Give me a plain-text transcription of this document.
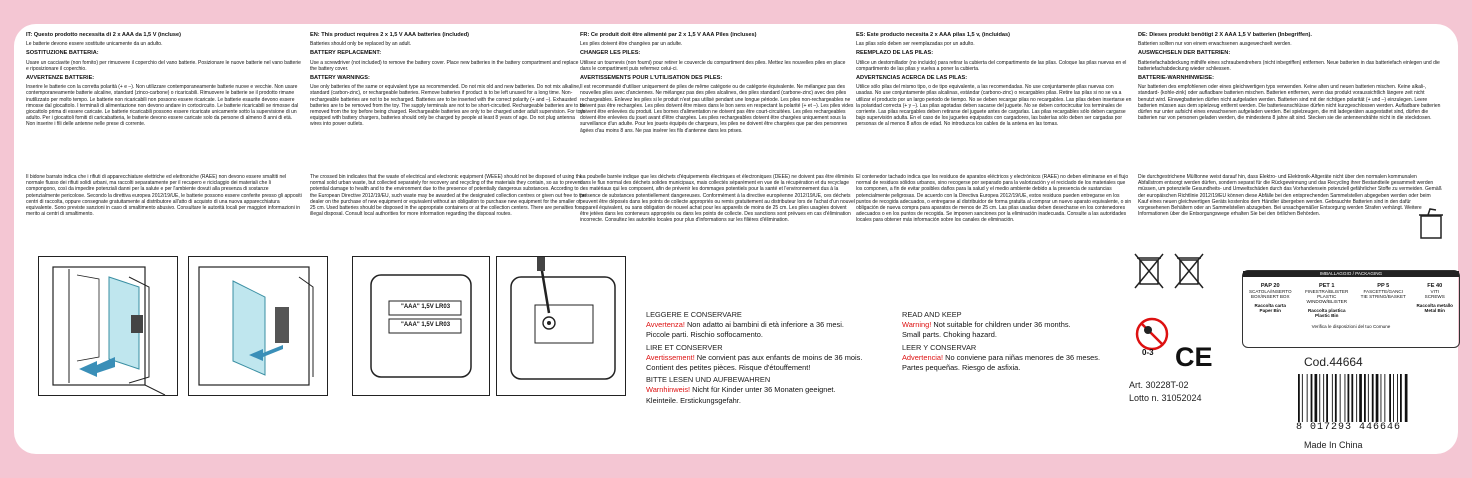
IT: Questo prodotto necessita di 2 x AAA da 1,5 V (incluse)

Le batterie devono essere sostituite unicamente da un adulto.

SOSTITUZIONE BATTERIA:

Usare un cacciavite (non fornito) per rimuovere il coperchio del vano batterie. Posizionare le nuove batterie nel vano batterie e riposizionare il coperchio.

AVVERTENZE BATTERIE:

Inserire le batterie con la corretta polarità (+ e –). Non utilizzare contemporaneamente batterie nuove e vecchie. Non usare contemporaneamente batterie alcaline, standard (zinco-carbone) o ricaricabili. Rimuovere le batterie se il prodotto rimane inutilizzato per molto tempo. Le batterie non ricaricabili non possono essere ricaricate. Le batterie esaurite devono essere rimosse dal giocattolo. I terminali di alimentazione non devono andare in cortocircuito. Le batterie ricaricabili se rimosse dal giocattolo prima di essere caricate. Le batterie ricaricabili possono essere ricaricate unicamente sotto la supervisione di un adulto. Per i giocattoli forniti di caricabatteria, le batterie devono essere caricate solo da persone di almeno 8 anni di età. Non inserire i fili delle antenne nelle prese di corrente.

Il bidone barrato indica che i rifiuti di apparecchiature elettriche ed elettroniche (RAEE) non devono essere smaltiti nel normale flusso dei rifiuti solidi urbani, ma raccolti separatamente per il recupero e riciclaggio dei materiali che li compongono, così da impedire potenziali danni per la salute e per l'ambiente dovuti alla presenza di sostanze potenzialmente pericolose. Secondo la direttiva europea 2012/19/UE, le batterie possono essere conferite presso gli appositi centri di raccolta, oppure consegnate gratuitamente al distributore all'atto di acquisto di una nuova apparecchiatura equivalente. Sono previste sanzioni in caso di smaltimento abusivo. Consultare le autorità locali per maggiori informazioni in merito ai centri di smaltimento.

EN: This product requires 2 x 1,5 V AAA batteries (included)

Batteries should only be replaced by an adult.

BATTERY REPLACEMENT:

Use a screwdriver (not included) to remove the battery cover. Place new batteries in the battery compartment and replace the battery cover.

BATTERY WARNINGS:

Use only batteries of the same or equivalent type as recommended. Do not mix old and new batteries. Do not mix alkaline, standard (carbon-zinc), or rechargeable batteries. Remove batteries if product is to be left unused for a long time. Non-rechargeable batteries are not to be recharged. Batteries are to be inserted with the correct polarity (+ and –). Exhausted batteries are to be removed from the toy. The supply terminals are not to be short-circuited. Rechargeable batteries are to be removed from the toy before being charged. Rechargeable batteries are only to be charged under adult supervision. For toys equipped with battery chargers, batteries should only be charged by people at least 8 years of age. Do not plug antenna wires into power outlets.

The crossed bin indicates that the waste of electrical and electronic equipment (WEEE) should not be disposed of using the normal solid urban waste, but collected separately for recovery and recycling of the materials they contain, so as to prevent potential damage to health and to the environment due to the presence of potentially dangerous substances. According to the European Directive 2012/19/EU, such waste may be awarded at the designated collection centres or given out free to the dealer on the purchase of new equipment or equivalent without an obligation to purchase new equipment for the smaller of 25 cm. Used batteries should be disposed in the appropriate containers or at the collection centers. There are penalties for illegal disposal. Consult local authorities for more information regarding the disposal routes.

FR: Ce produit doit être alimenté par 2 x 1,5 V AAA Piles (incluses)

Les piles doivent être changées par un adulte.

CHANGER LES PILES:

Utilisez un tournevis (non fourni) pour retirer le couvercle du compartiment des piles. Mettez les nouvelles piles en place dans le compartiment puis refermez celui-ci.

AVERTISSEMENTS POUR L'UTILISATION DES PILES:

Il est recommandé d'utiliser uniquement de piles de même catégorie ou de catégorie équivalente. Ne mélangez pas des nouvelles piles avec d'anciennes. Ne mélangez pas des piles alcalines, des piles standard (carbone-zinc) avec des piles rechargeables. Enlevez les piles si le produit n'est pas utilisé pendant une longue période. Les piles non-rechargeables ne doivent pas être rechargées. Les piles doivent être mises dans le bon sens en respectant la polarité (+ et –). Les piles vides doivent être enlevées du produit. Les bornes d'alimentation ne doivent pas être court-circuitées. Les piles rechargeables doivent être enlevées du jouet avant d'être chargées. Les piles rechargeables doivent être chargées uniquement sous la surveillance d'un adulte. Pour les jouets équipés de chargeurs, les piles ne doivent être chargées que par des personnes âgées d'au moins 8 ans. Ne pas insérer les fils d'antenne dans les prises.

La poubelle barrée indique que les déchets d'équipements électriques et électroniques (DEEE) ne doivent pas être éliminés dans le flux normal des déchets solides municipaux, mais collectés séparément en vue de la récupération et du recyclage des matériaux qui les composent, afin de prévenir les dommages potentiels pour la santé et l'environnement dus à la présence de substances potentiellement dangereuses. Conformément à la directive européenne 2012/19/UE, ces déchets peuvent être déposés dans les points de collecte appropriés ou remis gratuitement au distributeur lors de l'achat d'un nouvel appareil équivalent, ou sans obligation de nouvel achat pour les appareils de moins de 25 cm. Les piles usagées doivent être jetées dans les conteneurs appropriés ou dans les points de collecte. Des sanctions sont prévues en cas d'élimination incorrecte. Consultez les autorités locales pour plus d'informations sur les filières d'élimination.

ES: Este producto necesita 2 x AAA pilas 1,5 v, (incluidas)

Las pilas solo deben ser reemplazadas por un adulto.

REEMPLAZO DE LAS PILAS:

Utilice un destornillador (no incluido) para retirar la cubierta del compartimento de las pilas. Coloque las pilas nuevas en el compartimento de las pilas y vuelva a poner la cubierta.

ADVERTENCIAS ACERCA DE LAS PILAS:

Utilice sólo pilas del mismo tipo, o de tipo equivalente, a las recomendadas. No use conjuntamente pilas nuevas con usadas. No use conjuntamente pilas alcalinas, estándar (carbono-zinc) o recargables pilas. Retire las pilas si no se va a utilizar el producto por un largo periodo de tiempo. No se deben recargar pilas no recargables. Las pilas deben insertarse en la polaridad correcta (+ y –). Las pilas agotadas deben sacarse del juguete. No se deben cortocircuitar los terminales de corriente. Las pilas recargables deben retirarse del juguete antes de cargarlas. Las pilas recargables sólo deben cargarse bajo supervisión adulta. En el caso de los juguetes equipados con cargadores, las baterías sólo deben ser cargadas por personas de al menos 8 años de edad. No introduzca los cables de la antena en las tomas.

El contenedor tachado indica que los residuos de aparatos eléctricos y electrónicos (RAEE) no deben eliminarse en el flujo normal de residuos sólidos urbanos, sino recogerse por separado para la valorización y el reciclado de los materiales que los componen, a fin de evitar posibles daños para la salud y el medio ambiente debido a la presencia de sustancias potencialmente peligrosas. De acuerdo con la Directiva Europea 2012/19/UE, estos residuos pueden entregarse en los puntos de recogida adecuados, o entregarse al distribuidor de forma gratuita al comprar un nuevo aparato equivalente, o sin obligación de nueva compra para aparatos de menos de 25 cm. Las pilas usadas deben desecharse en los contenedores adecuados o en los puntos de recogida. Se imponen sanciones por la eliminación inadecuada. Consulte a las autoridades locales para obtener más información sobre los canales de eliminación.

DE: Dieses produkt benötigt 2 X AAA 1,5 V batterien (Inbegriffen).

Batterien sollten nur von einem erwachsenen ausgewechselt werden.

AUSWECHSELN DER BATTERIEN:

Batteriefachabdeckung mithilfe eines schraubendrehers (nicht inbegriffen) entfernen. Neue batterien in das batteriefach einlegen und die batteriefachabdeckung wieder schliessen.

BATTERIE-WARNHINWEISE:

Nur batterien des empfohlenen oder eines gleichwertigen typs verwenden. Keine alten und neuen batterien mischen. Keine alkali-, standard- (kohle-zink) oder aufladbare batterien mischen. Batterien entfernen, wenn das produkt voraussichtlich längere zeit nicht benutzt wird. Einwegbatterien dürfen nicht aufgeladen werden. Batterien sind mit der richtigen polarität (+ und –) einzulegen. Leere batterien müssen aus dem spielzeug entfernt werden. Die batterieanschlüsse dürfen nicht kurzgeschlossen werden. Aufladbare batterien dürfen nur unter aufsicht eines erwachsenen aufgeladen werden. Bei spielzeugen, die mit ladegeräten ausgestattet sind, dürfen die batterien nur von personen geladen werden, die mindestens 8 jahre alt sind. Stecken sie die antennendrähte nicht in die steckdosen.

Die durchgestrichene Mülltonne weist darauf hin, dass Elektro- und Elektronik-Altgeräte nicht über den normalen kommunalen Abfallstrom entsorgt werden dürfen, sondern separat für die Rückgewinnung und das Recycling ihrer Bestandteile gesammelt werden müssen, um potenzielle Gesundheits- und Umweltschäden durch das Vorhandensein potenziell gefährlicher Stoffe zu vermeiden. Gemäß der europäischen Richtlinie 2012/19/EU können diese Abfälle bei den entsprechenden Sammelstellen abgegeben werden oder beim Kauf eines neuen gleichwertigen Geräts kostenlos dem Händler übergeben werden. Gebrauchte Batterien sind in den dafür vorgesehenen Behältern oder an Sammelstellen abzugeben. Bei unsachgemäßer Entsorgung werden Strafen verhängt. Weitere Informationen über die Entsorgungswege erhalten Sie bei den örtlichen Behörden.

"AAA" 1,5V LR03
"AAA" 1,5V LR03
LEGGERE E CONSERVARE
Avvertenza! Non adatto ai bambini di età inferiore a 36 mesi.
Piccole parti. Rischio soffocamento.
LIRE ET CONSERVER
Avertissement! Ne convient pas aux enfants de moins de 36 mois.
Contient des petites pièces. Risque d'étouffement!
BITTE LESEN UND AUFBEWAHREN
Warnhinweis! Nicht für Kinder unter 36 Monaten geeignet.
Kleinteile. Erstickungsgefahr.
READ AND KEEP
Warning! Not suitable for children under 36 months.
Small parts. Choking hazard.
LEER Y CONSERVAR
Advertencia! No conviene para niñas menores de 36 meses.
Partes pequeñas. Riesgo de asfixia.
0-3 CE
IMBALLAGGIO / PACKAGING
PAP 20
SCATOLA/INSERTO
BOX/INSERT BOX
Raccolta carta
Paper Bin
PET 1
FINESTRA/BLISTER
PLASTIC WINDOW/BLISTER
Raccolta plastica
Plastic Bin
PP 5
FASCETTE/GANCI
TIE STRING/BASKET
FE 40
VITI
SCREWS
Raccolta metallo
Metal Bin
Verifica le disposizioni del tuo Comune
Art. 30228T-02
Lotto n. 31052024
Cod.44664
8 017293 446646
Made In China
